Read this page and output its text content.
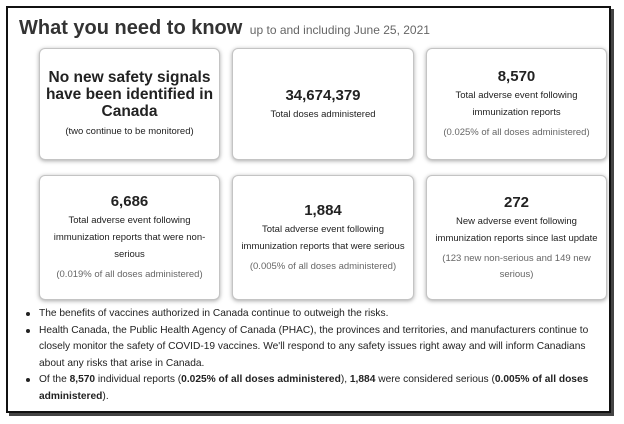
What you need to know up to and including June 25, 2021
No new safety signals have been identified in Canada
(two continue to be monitored)
34,674,379
Total doses administered
8,570
Total adverse event following immunization reports
(0.025% of all doses administered)
6,686
Total adverse event following immunization reports that were non-serious
(0.019% of all doses administered)
1,884
Total adverse event following immunization reports that were serious
(0.005% of all doses administered)
272
New adverse event following immunization reports since last update
(123 new non-serious and 149 new serious)
The benefits of vaccines authorized in Canada continue to outweigh the risks.
Health Canada, the Public Health Agency of Canada (PHAC), the provinces and territories, and manufacturers continue to closely monitor the safety of COVID-19 vaccines. We'll respond to any safety issues right away and will inform Canadians about any risks that arise in Canada.
Of the 8,570 individual reports (0.025% of all doses administered), 1,884 were considered serious (0.005% of all doses administered).
